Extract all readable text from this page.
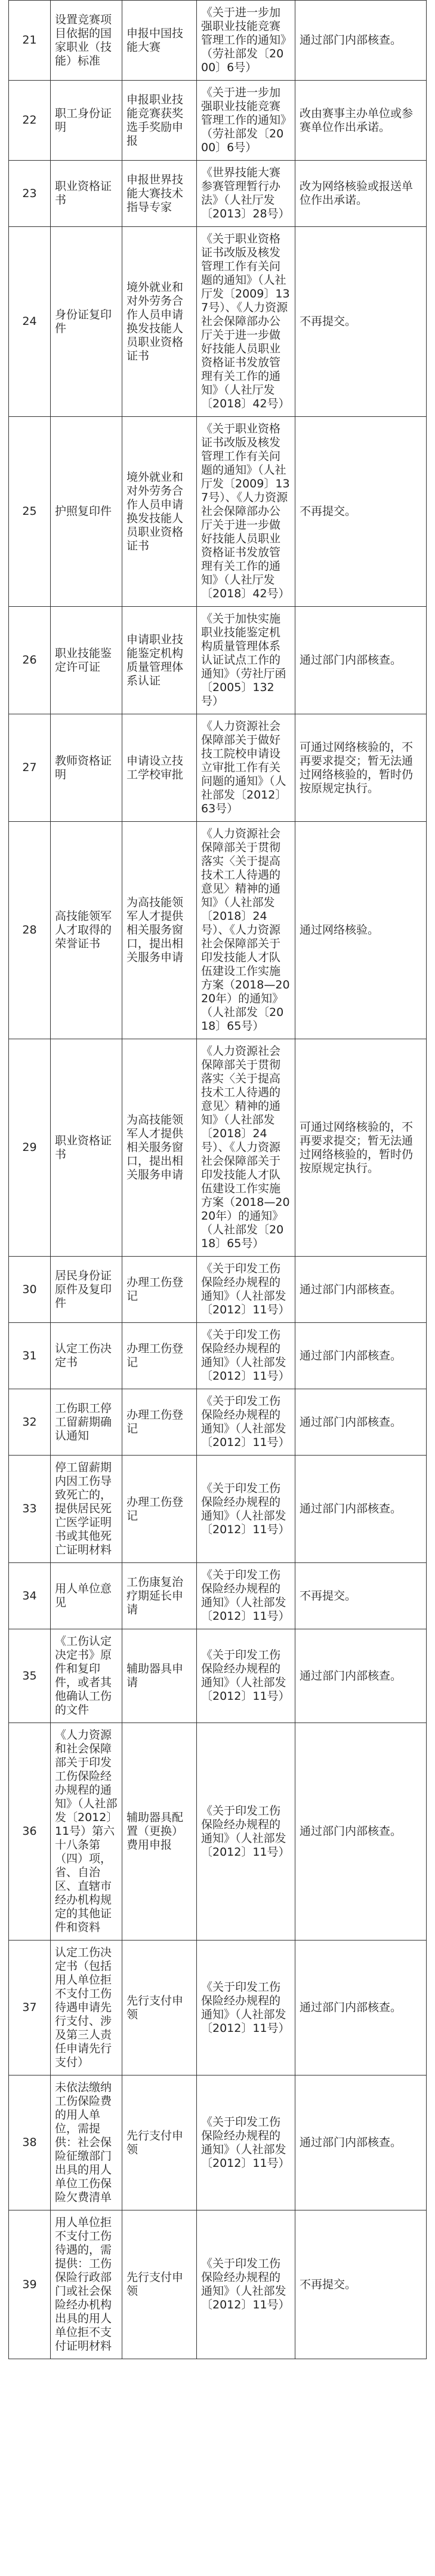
21	设置竞赛项目依据的国家职业（技能）标准	申报中国技能大赛	《关于进一步加强职业技能竞赛管理工作的通知》（劳社部发〔2000〕6号）	通过部门内部核查。
22	职工身份证明	申报职业技能竞赛获奖选手奖励申报	《关于进一步加强职业技能竞赛管理工作的通知》（劳社部发〔2000〕6号）	改由赛事主办单位或参赛单位作出承诺。
23	职业资格证书	申报世界技能大赛技术指导专家	《世界技能大赛参赛管理暂行办法》（人社厅发〔2013〕28号）	改为网络核验或报送单位作出承诺。
24	身份证复印件	境外就业和对外劳务合作人员申请换发技能人员职业资格证书	《关于职业资格证书改版及核发管理工作有关问题的通知》（人社厅发〔2009〕137号）、《人力资源社会保障部办公厅关于进一步做好技能人员职业资格证书发放管理有关工作的通知》（人社厅发〔2018〕42号）	不再提交。
25	护照复印件	境外就业和对外劳务合作人员申请换发技能人员职业资格证书	《关于职业资格证书改版及核发管理工作有关问题的通知》（人社厅发〔2009〕137号）、《人力资源社会保障部办公厅关于进一步做好技能人员职业资格证书发放管理有关工作的通知》（人社厅发〔2018〕42号）	不再提交。
26	职业技能鉴定许可证	申请职业技能鉴定机构质量管理体系认证	《关于加快实施职业技能鉴定机构质量管理体系认证试点工作的通知》（劳社厅函〔2005〕132号）	通过部门内部核查。
27	教师资格证明	申请设立技工学校审批	《人力资源社会保障部关于做好技工院校申请设立审批工作有关问题的通知》（人社部发〔2012〕63号）	可通过网络核验的，不再要求提交；暂无法通过网络核验的，暂时仍按原规定执行。
28	高技能领军人才取得的荣誉证书	为高技能领军人才提供相关服务窗口，提出相关服务申请	《人力资源社会保障部关于贯彻落实〈关于提高技术工人待遇的意见〉精神的通知》（人社部发〔2018〕24号）、《人力资源社会保障部关于印发技能人才队伍建设工作实施方案（2018—2020年）的通知》（人社部发〔2018〕65号）	通过网络核验。
29	职业资格证书	为高技能领军人才提供相关服务窗口，提出相关服务申请	《人力资源社会保障部关于贯彻落实〈关于提高技术工人待遇的意见〉精神的通知》（人社部发〔2018〕24号）、《人力资源社会保障部关于印发技能人才队伍建设工作实施方案（2018—2020年）的通知》（人社部发〔2018〕65号）	可通过网络核验的，不再要求提交；暂无法通过网络核验的，暂时仍按原规定执行。
30	居民身份证原件及复印件	办理工伤登记	《关于印发工伤保险经办规程的通知》（人社部发〔2012〕11号）	通过部门内部核查。
31	认定工伤决定书	办理工伤登记	《关于印发工伤保险经办规程的通知》（人社部发〔2012〕11号）	通过部门内部核查。
32	工伤职工停工留薪期确认通知	办理工伤登记	《关于印发工伤保险经办规程的通知》（人社部发〔2012〕11号）	通过部门内部核查。
33	停工留薪期内因工伤导致死亡的，提供居民死亡医学证明书或其他死亡证明材料	办理工伤登记	《关于印发工伤保险经办规程的通知》（人社部发〔2012〕11号）	通过部门内部核查。
34	用人单位意见	工伤康复治疗期延长申请	《关于印发工伤保险经办规程的通知》（人社部发〔2012〕11号）	不再提交。
35	《工伤认定决定书》原件和复印件，或者其他确认工伤的文件	辅助器具申请	《关于印发工伤保险经办规程的通知》（人社部发〔2012〕11号）	通过部门内部核查。
36	《人力资源和社会保障部关于印发工伤保险经办规程的通知》（人社部发〔2012〕11号）第六十八条第（四）项，省、自治区、直辖市经办机构规定的其他证件和资料	辅助器具配置（更换）费用申报	《关于印发工伤保险经办规程的通知》（人社部发〔2012〕11号）	通过部门内部核查。
37	认定工伤决定书（包括用人单位拒不支付工伤待遇申请先行支付、涉及第三人责任申请先行支付）	先行支付申领	《关于印发工伤保险经办规程的通知》（人社部发〔2012〕11号）	通过部门内部核查。
38	未依法缴纳工伤保险费的用人单位，需提供：社会保险征缴部门出具的用人单位工伤保险欠费清单	先行支付申领	《关于印发工伤保险经办规程的通知》（人社部发〔2012〕11号）	通过部门内部核查。
39	用人单位拒不支付工伤待遇的，需提供：工伤保险行政部门或社会保险经办机构出具的用人单位拒不支付证明材料	先行支付申领	《关于印发工伤保险经办规程的通知》（人社部发〔2012〕11号）	不再提交。
